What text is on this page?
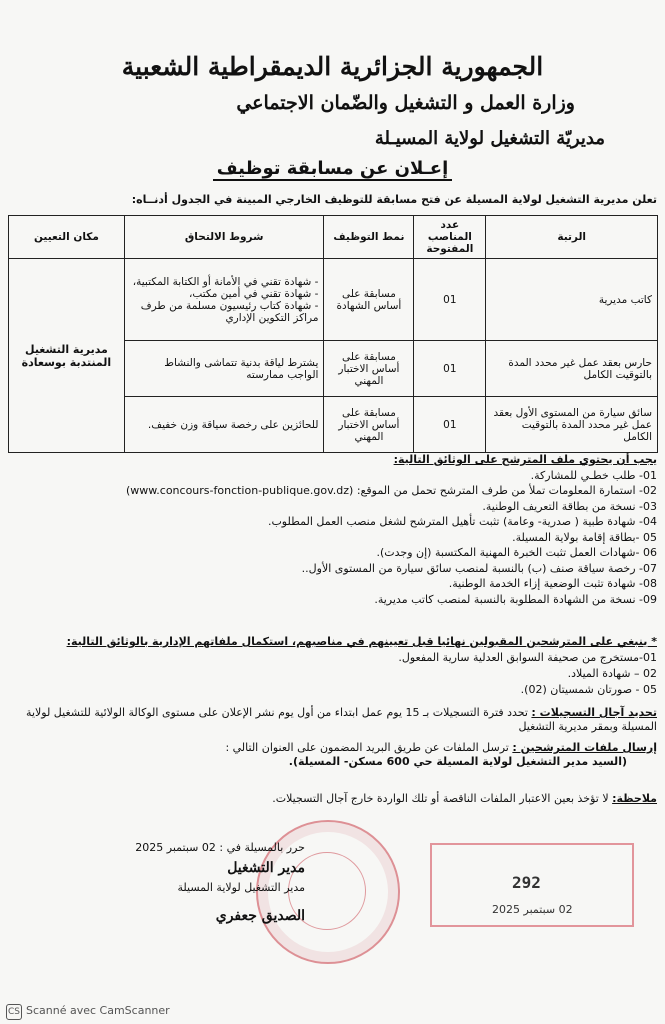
الجمهورية الجزائرية الديمقراطية الشعبية
وزارة العمل و التشغيل والضّمان الاجتماعي
مديريّة التشغيل لولاية المسيـلة
إعـلان عن مسابقة توظيف
تعلن مديرية التشغيل لولاية المسيلة عن فتح مسابقة للتوظيف الخارجي المبينة في الجدول أدنــاه:
الرتبة	عدد المناصب المفتوحة	نمط التوظيف	شروط الالتحاق	مكان التعيين
كاتب مديرية	01	مسابقة على أساس الشهادة	- شهادة تقني في الأمانة أو الكتابة المكتبية،
- شهادة تقني في أمين مكتب،
- شهادة كتاب رئيسيون مسلمة من طرف مراكز التكوين الإداري	مديرية التشغيل المنتدبة بوسعادة
حارس بعقد عمل غير محدد المدة بالتوقيت الكامل	01	مسابقة على أساس الاختبار المهني	يشترط لياقة بدنية تتماشى والنشاط الواجب ممارسته	

سائق سيارة من المستوى الأول بعقد عمل غير محدد المدة بالتوقيت الكامل	01	مسابقة على أساس الاختبار المهني	للحائزين على رخصة سياقة وزن خفيف.	
يجب أن يحتوي ملف المترشح على الوثائق التالية:
01- طلب خطـي للمشاركة.
02- استمارة المعلومات تملأ من طرف المترشح تحمل من الموقع: (www.concours-fonction-publique.gov.dz)
03- نسخة من بطاقة التعريف الوطنية.
04- شهادة طبية ( صدرية- وعامة) تثبت تأهيل المترشح لشغل منصب العمل المطلوب.
05 -بطاقة إقامة بولاية المسيلة.
06 -شهادات العمل تثبت الخبرة المهنية المكتسبة (إن وجدت).
07- رخصة سياقة صنف (ب) بالنسبة لمنصب سائق سيارة من المستوى الأول..
08- شهادة تثبت الوضعية إزاء الخدمة الوطنية.
09- نسخة من الشهادة المطلوبة بالنسبة لمنصب كاتب مديرية.
* ينبغي على المترشحين المقبولين نهائيا قبل تعيينهم في مناصبهم، استكمال ملفاتهم الإدارية بالوثائق التالية:
01-مستخرج من صحيفة السوابق العدلية سارية المفعول.
02 – شهادة الميلاد.
05 - صورتان شمسيتان (02).
تحديد آجال التسجيلات : تحدد فترة التسجيلات بـ 15 يوم عمل ابتداء من أول يوم نشر الإعلان على مستوى الوكالة الولائية للتشغيل لولاية المسيلة وبمقر مديرية التشغيل
إرسال ملفات المترشحين : ترسل الملفات عن طريق البريد المضمون على العنوان التالي :
(السيد مدير التشغيل لولاية المسيلة حي 600 مسكن- المسيلة).
ملاحظة: لا تؤخذ بعين الاعتبار الملفات الناقصة أو تلك الواردة خارج آجال التسجيلات.
حرر بالمسيلة في : 02 سبتمبر 2025
مدير التشغيل
مدير التشغيل لولاية المسيلة
الصديق جعفري
292
02 سبتمبر 2025
CS Scanné avec CamScanner
